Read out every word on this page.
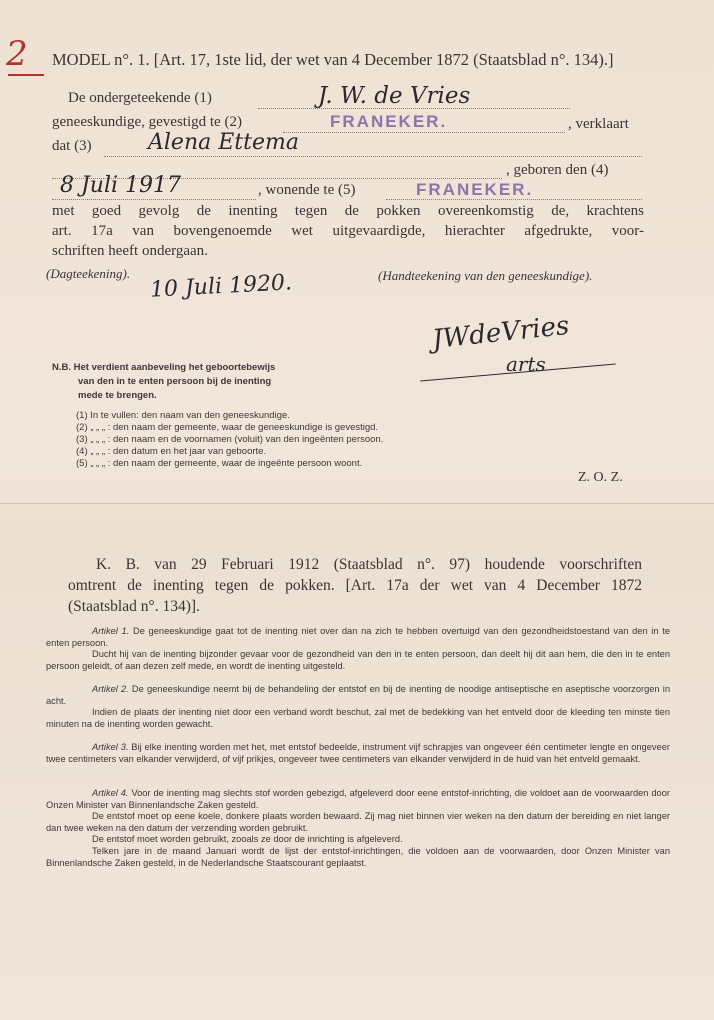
2 MODEL n°. 1. [Art. 17, 1ste lid, der wet van 4 December 1872 (Staatsblad n°. 134).]
De ondergeteekende (1)	J. W. de Vries
geneeskundige, gevestigd te (2)	FRANEKER.	, verklaart
dat (3)	Alena Ettema
, geboren den (4)
8 Juli 1917	, wonende te (5)	FRANEKER.
met goed gevolg de inenting tegen de pokken overeenkomstig de, krachtens
art. 17a van bovengenoemde wet uitgevaardigde, hierachter afgedrukte, voor-
schriften heeft ondergaan.
(Dagteekening). 10 Juli 1920.	(Handteekening van den geneeskundige).
JWdeVries
arts
N.B. Het verdient aanbeveling het geboortebewijs
van den in te enten persoon bij de inenting
mede te brengen.
(1) In te vullen: den naam van den geneeskundige.
(2) „ „ „ : den naam der gemeente, waar de geneeskundige is gevestigd.
(3) „ „ „ : den naam en de voornamen (voluit) van den ingeënten persoon.
(4) „ „ „ : den datum en het jaar van geboorte.
(5) „ „ „ : den naam der gemeente, waar de ingeënte persoon woont.
Z. O. Z.
K. B. van 29 Februari 1912 (Staatsblad n°. 97) houdende voorschriften
omtrent de inenting tegen de pokken. [Art. 17a der wet van 4 December 1872
(Staatsblad n°. 134)].

Artikel 1. De geneeskundige gaat tot de inenting niet over dan na zich te hebben overtuigd van den gezondheidstoestand van den in te enten persoon.

Ducht hij van de inenting bijzonder gevaar voor de gezondheid van den in te enten persoon, dan deelt hij dit aan hem, die den in te enten persoon geleidt, of aan dezen zelf mede, en wordt de inenting uitgesteld.

Artikel 2. De geneeskundige neemt bij de behandeling der entstof en bij de inenting de noodige antiseptische en aseptische voorzorgen in acht.

Indien de plaats der inenting niet door een verband wordt beschut, zal met de bedekking van het entveld door de kleeding ten minste tien minuten na de inenting worden gewacht.

Artikel 3. Bij elke inenting worden met het, met entstof bedeelde, instrument vijf schrapjes van ongeveer één centimeter lengte en ongeveer twee centimeters van elkander verwijderd, of vijf prikjes, ongeveer twee centimeters van elkander verwijderd in de huid van het entveld gemaakt.

Artikel 4. Voor de inenting mag slechts stof worden gebezigd, afgeleverd door eene entstof-inrichting, die voldoet aan de voorwaarden door Onzen Minister van Binnenlandsche Zaken gesteld.

De entstof moet op eene koele, donkere plaats worden bewaard. Zij mag niet binnen vier weken na den datum der bereiding en niet langer dan twee weken na den datum der verzending worden gebruikt.

De entstof moet worden gebruikt, zooals ze door de inrichting is afgeleverd.

Telken jare in de maand Januari wordt de lijst der entstof-inrichtingen, die voldoen aan de voorwaarden, door Onzen Minister van Binnenlandsche Zaken gesteld, in de Nederlandsche Staatscourant geplaatst.
